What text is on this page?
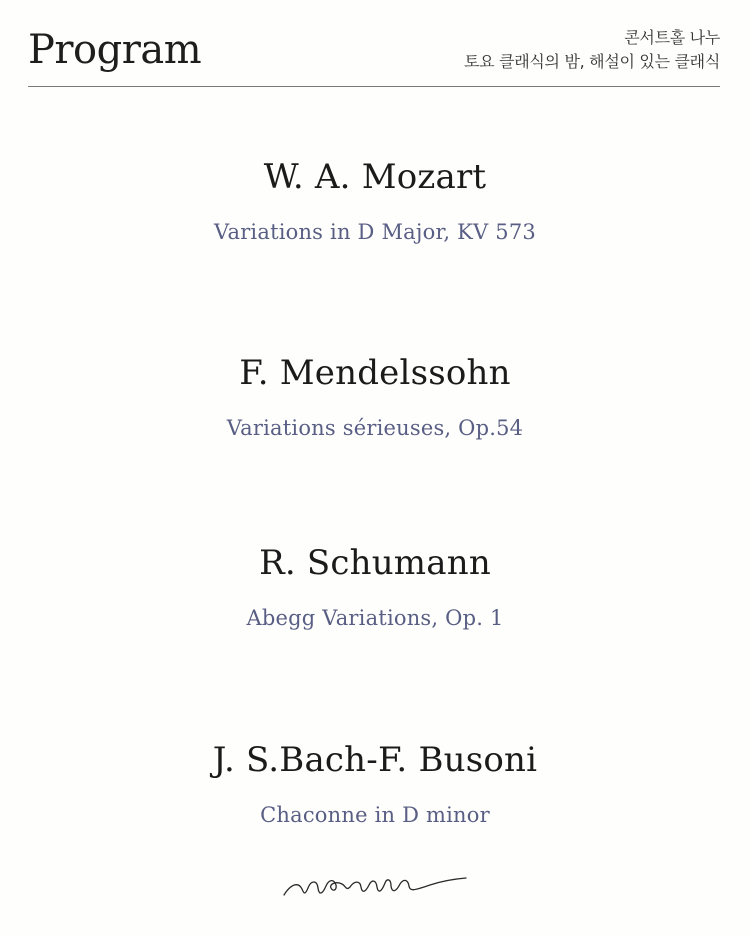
Program	콘서트홀 나누
토요 클래식의 밤, 해설이 있는 클래식
W. A. Mozart

Variations in D Major, KV 573

F. Mendelssohn

Variations sérieuses, Op.54

R. Schumann

Abegg Variations, Op. 1

J. S.Bach-F. Busoni

Chaconne in D minor
